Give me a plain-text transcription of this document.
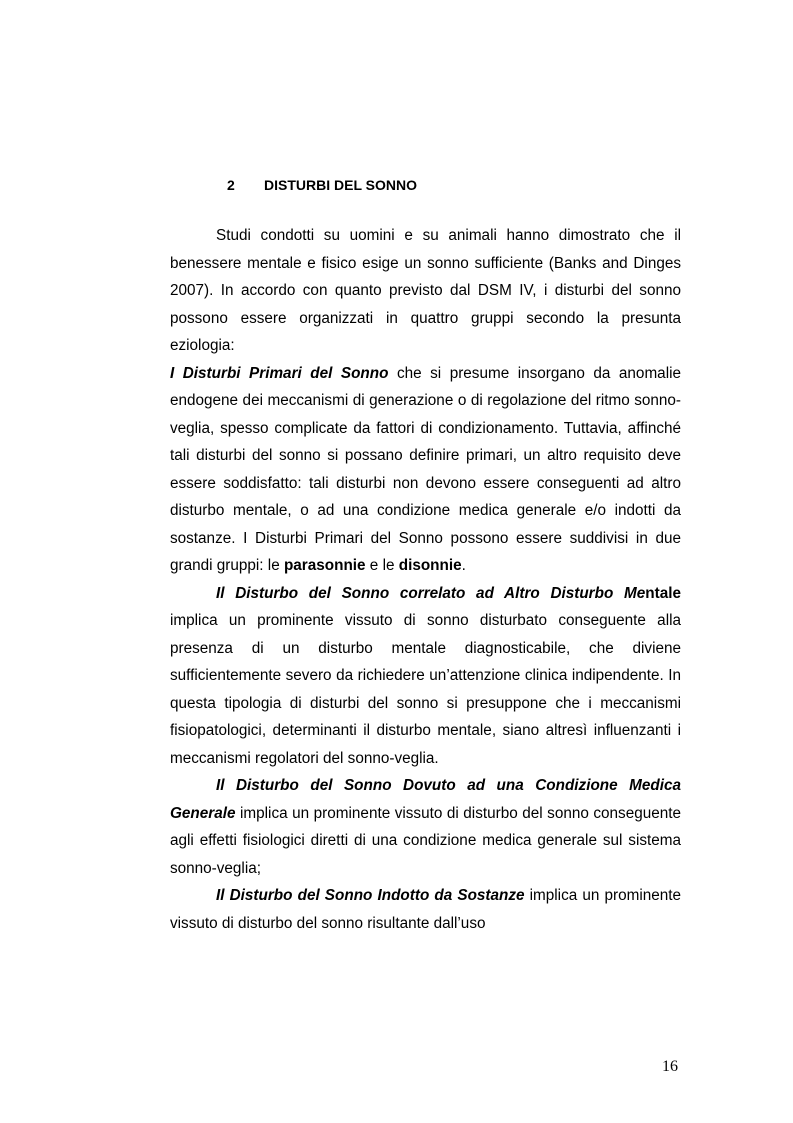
2 DISTURBI DEL SONNO

Studi condotti su uomini e su animali hanno dimostrato che il benessere mentale e fisico esige un sonno sufficiente (Banks and Dinges 2007). In accordo con quanto previsto dal DSM IV, i disturbi del sonno possono essere organizzati in quattro gruppi secondo la presunta eziologia:

I Disturbi Primari del Sonno che si presume insorgano da anomalie endogene dei meccanismi di generazione o di regolazione del ritmo sonno-veglia, spesso complicate da fattori di condizionamento. Tuttavia, affinché tali disturbi del sonno si possano definire primari, un altro requisito deve essere soddisfatto: tali disturbi non devono essere conseguenti ad altro disturbo mentale, o ad una condizione medica generale e/o indotti da sostanze. I Disturbi Primari del Sonno possono essere suddivisi in due grandi gruppi: le parasonnie e le disonnie.

Il Disturbo del Sonno correlato ad Altro Disturbo Mentale implica un prominente vissuto di sonno disturbato conseguente alla presenza di un disturbo mentale diagnosticabile, che diviene sufficientemente severo da richiedere un’attenzione clinica indipendente. In questa tipologia di disturbi del sonno si presuppone che i meccanismi fisiopatologici, determinanti il disturbo mentale, siano altresì influenzanti i meccanismi regolatori del sonno-veglia.

Il Disturbo del Sonno Dovuto ad una Condizione Medica Generale implica un prominente vissuto di disturbo del sonno conseguente agli effetti fisiologici diretti di una condizione medica generale sul sistema sonno-veglia;

Il Disturbo del Sonno Indotto da Sostanze implica un prominente vissuto di disturbo del sonno risultante dall’uso

16
